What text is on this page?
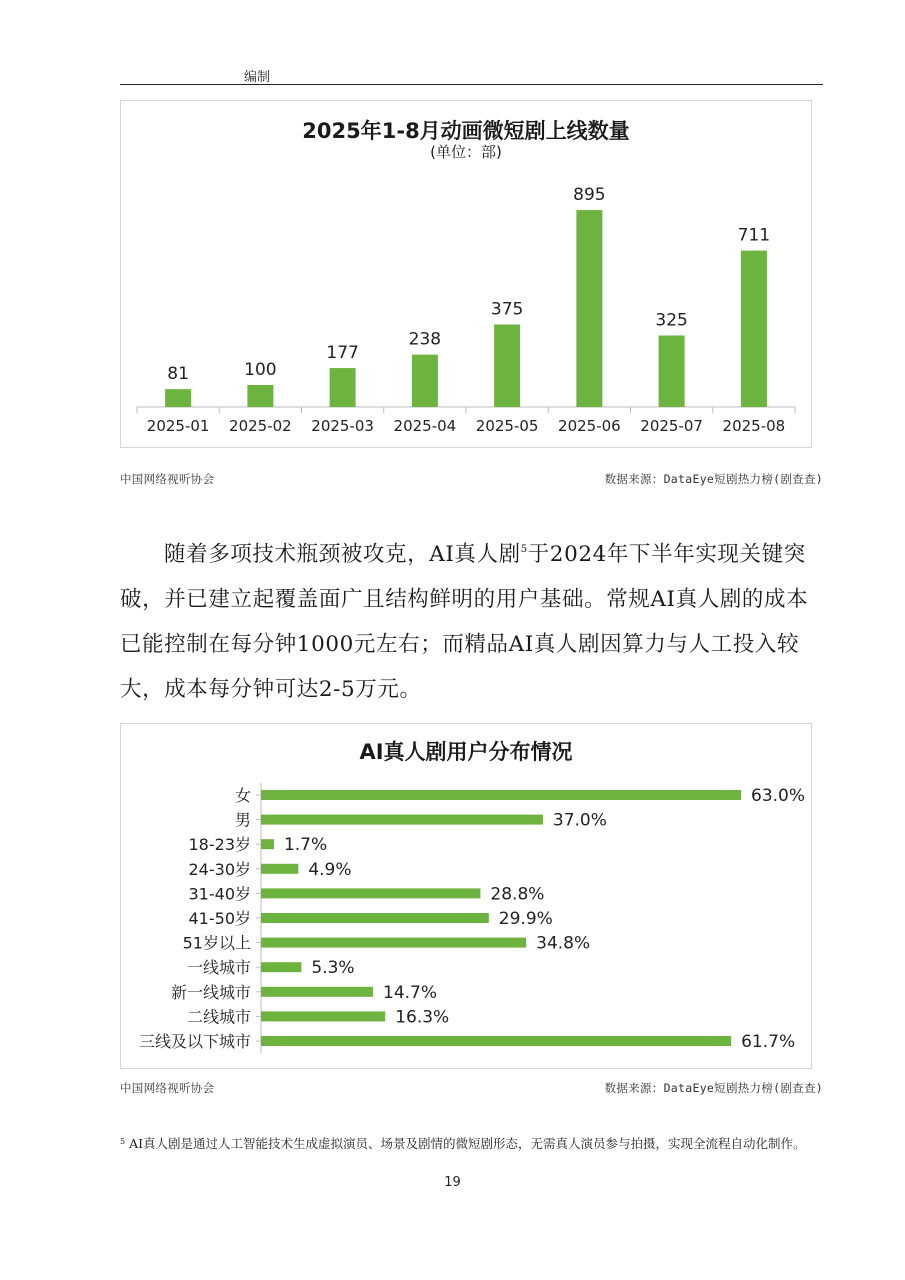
编制
2025年1-8月动画微短剧上线数量
(单位：部)
81
2025-01
100
2025-02
177
2025-03
238
2025-04
375
2025-05
895
2025-06
325
2025-07
711
2025-08
中国网络视听协会	数据来源：DataEye短剧热力榜(剧查查)
随着多项技术瓶颈被攻克，AI真人剧$^5$于2024年下半年实现关键突破，并已建立起覆盖面广且结构鲜明的用户基础。常规AI真人剧的成本已能控制在每分钟1000元左右；而精品AI真人剧因算力与人工投入较大，成本每分钟可达2-5万元。
AI真人剧用户分布情况
女	63.0%
男	37.0%
18-23岁 1.7%
24-30岁	4.9%
31-40岁	28.8%
41-50岁	29.9%
51岁以上	34.8%
一线城市	5.3%
新一线城市	14.7%
二线城市	16.3%
三线及以下城市	61.7%
中国网络视听协会	数据来源：DataEye短剧热力榜(剧查查)
$^5$ AI真人剧是通过人工智能技术生成虚拟演员、场景及剧情的微短剧形态，无需真人演员参与拍摄，实现全流程自动化制作。
19
